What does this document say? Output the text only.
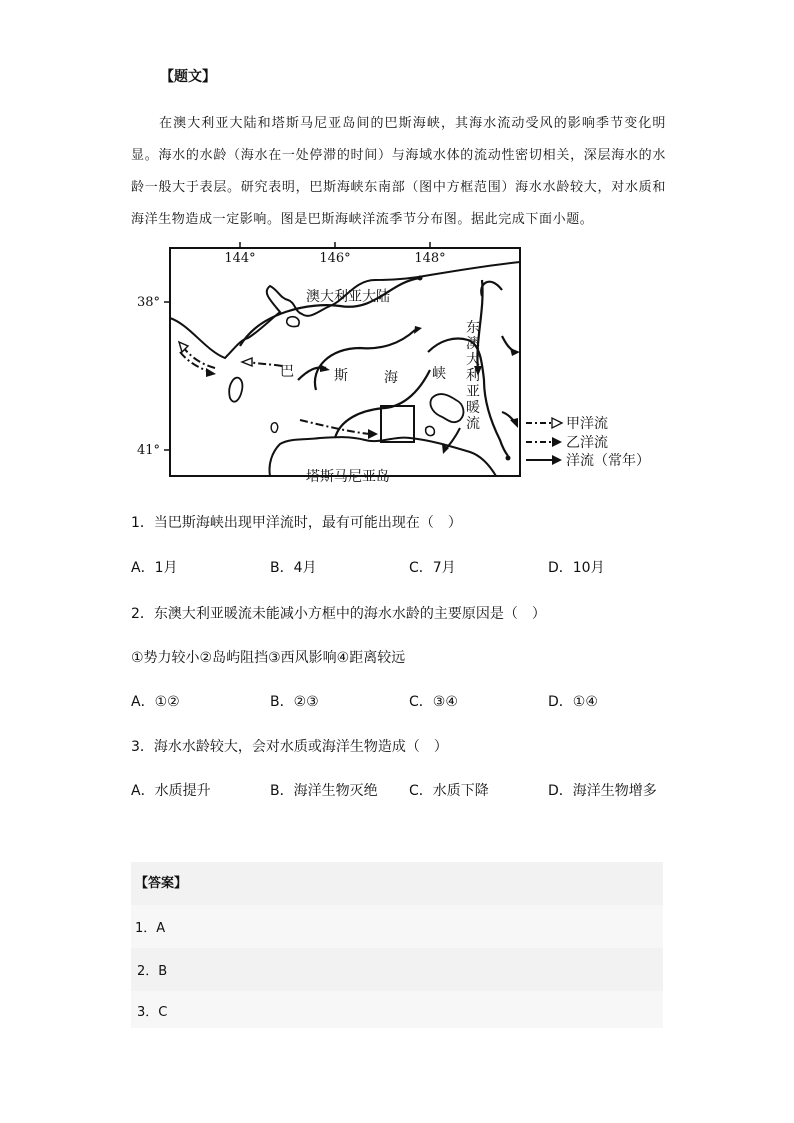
【题文】

在澳大利亚大陆和塔斯马尼亚岛间的巴斯海峡，其海水流动受风的影响季节变化明显。海水的水龄（海水在一处停滞的时间）与海域水体的流动性密切相关，深层海水的水龄一般大于表层。研究表明，巴斯海峡东南部（图中方框范围）海水水龄较大，对水质和海洋生物造成一定影响。图是巴斯海峡洋流季节分布图。据此完成下面小题。

144°	146°	148°
38°
41°
澳大利亚大陆
塔斯马尼亚岛
巴	斯	海 峡
东
澳
大
利
亚
暖
流	甲洋流
乙洋流
洋流（常年）
1．当巴斯海峡出现甲洋流时，最有可能出现在（　）
A．1月	B．4月	C．7月	D．10月
2．东澳大利亚暖流未能减小方框中的海水水龄的主要原因是（　）
①势力较小②岛屿阻挡③西风影响④距离较远
A．①②	B．②③	C．③④	D．①④
3．海水水龄较大，会对水质或海洋生物造成（　）
A．水质提升	B．海洋生物灭绝 C．水质下降	D．海洋生物增多
【答案】
1．A
2．B
3．C
